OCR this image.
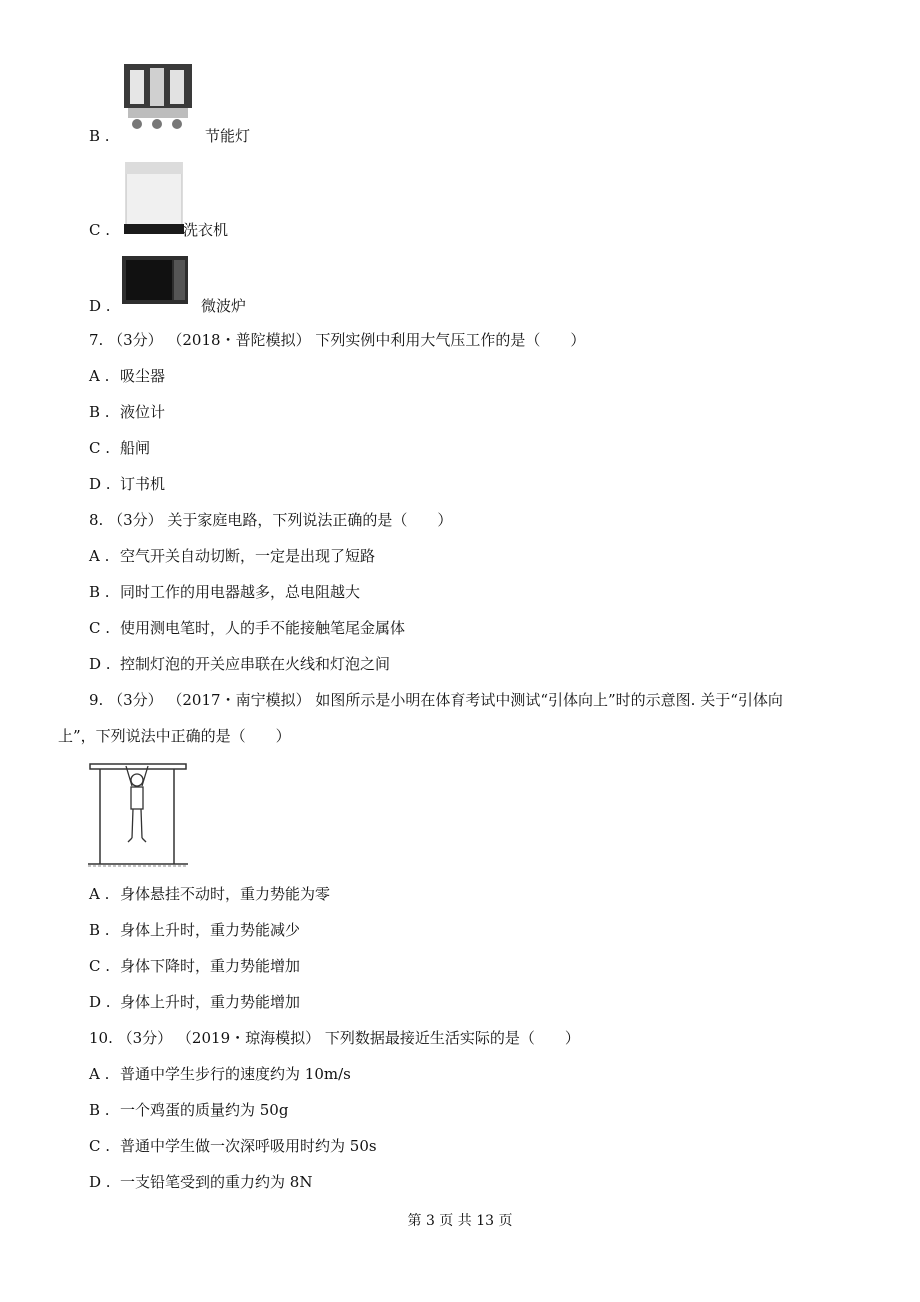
B .	节能灯
C .	洗衣机
D .	微波炉
7. （3分） （2018・普陀模拟） 下列实例中利用大气压工作的是（　　）
A . 吸尘器
B . 液位计
C . 船闸
D . 订书机
8. （3分） 关于家庭电路，下列说法正确的是（　　）
A . 空气开关自动切断，一定是出现了短路
B . 同时工作的用电器越多，总电阻越大
C . 使用测电笔时，人的手不能接触笔尾金属体
D . 控制灯泡的开关应串联在火线和灯泡之间
9. （3分） （2017・南宁模拟） 如图所示是小明在体育考试中测试“引体向上”时的示意图. 关于“引体向
上”，下列说法中正确的是（　　）
A . 身体悬挂不动时，重力势能为零
B . 身体上升时，重力势能减少
C . 身体下降时，重力势能增加
D . 身体上升时，重力势能增加
10. （3分） （2019・琼海模拟） 下列数据最接近生活实际的是（　　）
A . 普通中学生步行的速度约为 10m/s
B . 一个鸡蛋的质量约为 50g
C . 普通中学生做一次深呼吸用时约为 50s
D . 一支铅笔受到的重力约为 8N
第 3 页 共 13 页
